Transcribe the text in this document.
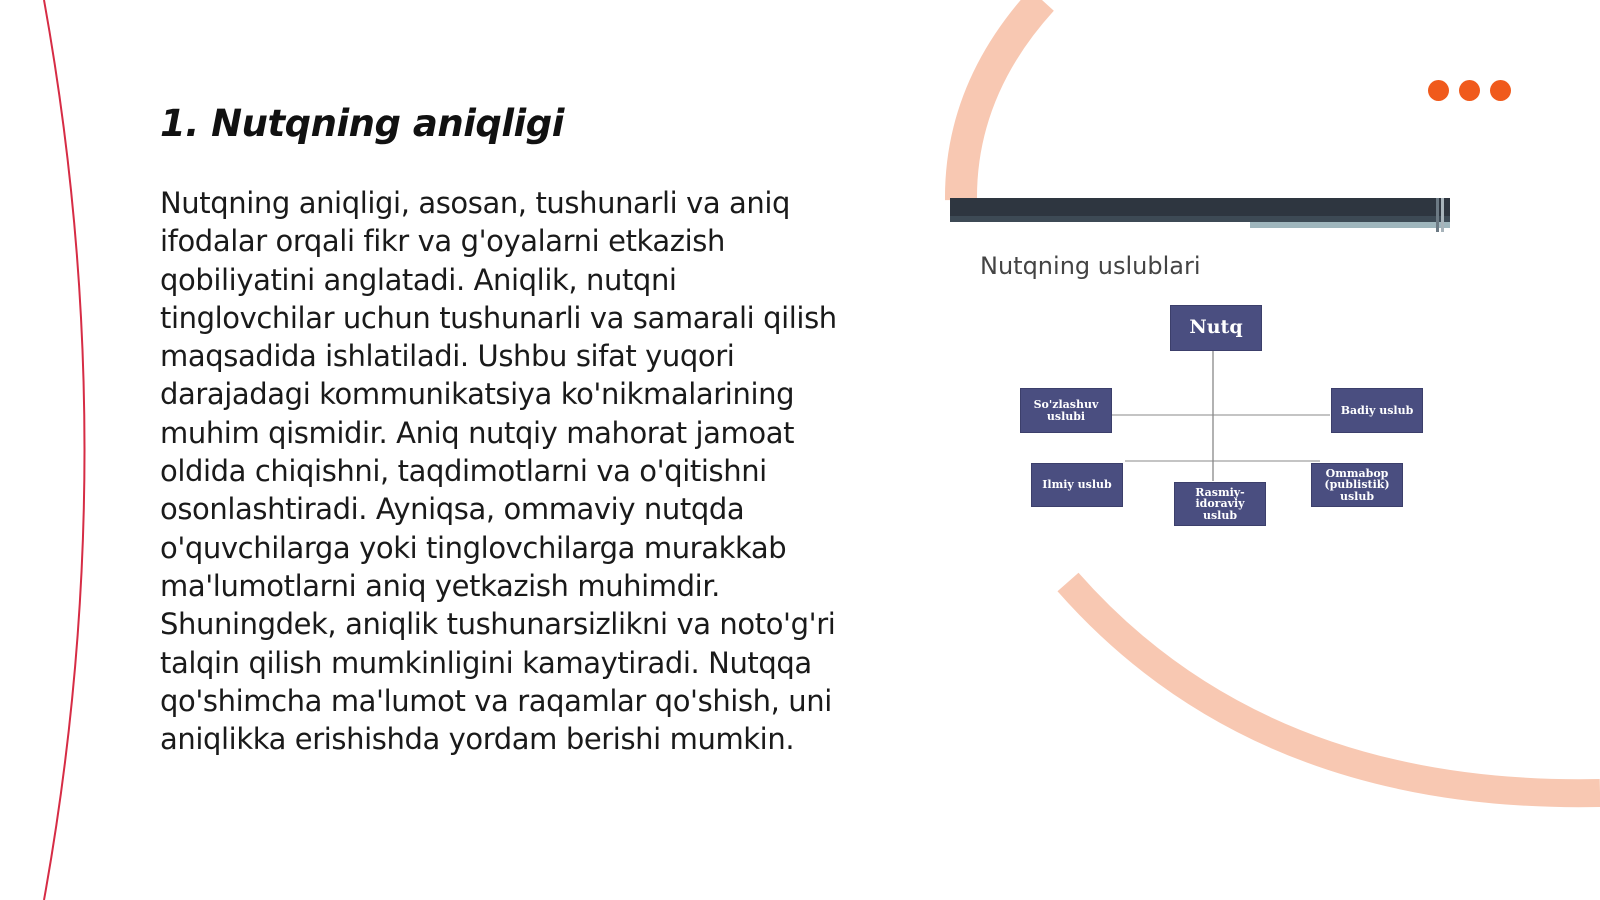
1. Nutqning aniqligi

Nutqning aniqligi, asosan, tushunarli va aniq ifodalar orqali fikr va g'oyalarni etkazish qobiliyatini anglatadi. Aniqlik, nutqni tinglovchilar uchun tushunarli va samarali qilish maqsadida ishlatiladi. Ushbu sifat yuqori darajadagi kommunikatsiya ko'nikmalarining muhim qismidir. Aniq nutqiy mahorat jamoat oldida chiqishni, taqdimotlarni va o'qitishni osonlashtiradi. Ayniqsa, ommaviy nutqda o'quvchilarga yoki tinglovchilarga murakkab ma'lumotlarni aniq yetkazish muhimdir. Shuningdek, aniqlik tushunarsizlikni va noto'g'ri talqin qilish mumkinligini kamaytiradi. Nutqqa qo'shimcha ma'lumot va raqamlar qo'shish, uni aniqlikka erishishda yordam berishi mumkin.

Nutqning uslublari
Nutq
So'zlashuv uslubi	Badiy uslub
Ilmiy uslub
Rasmiy-idoraviy uslub
Ommabop (publistik) uslub
